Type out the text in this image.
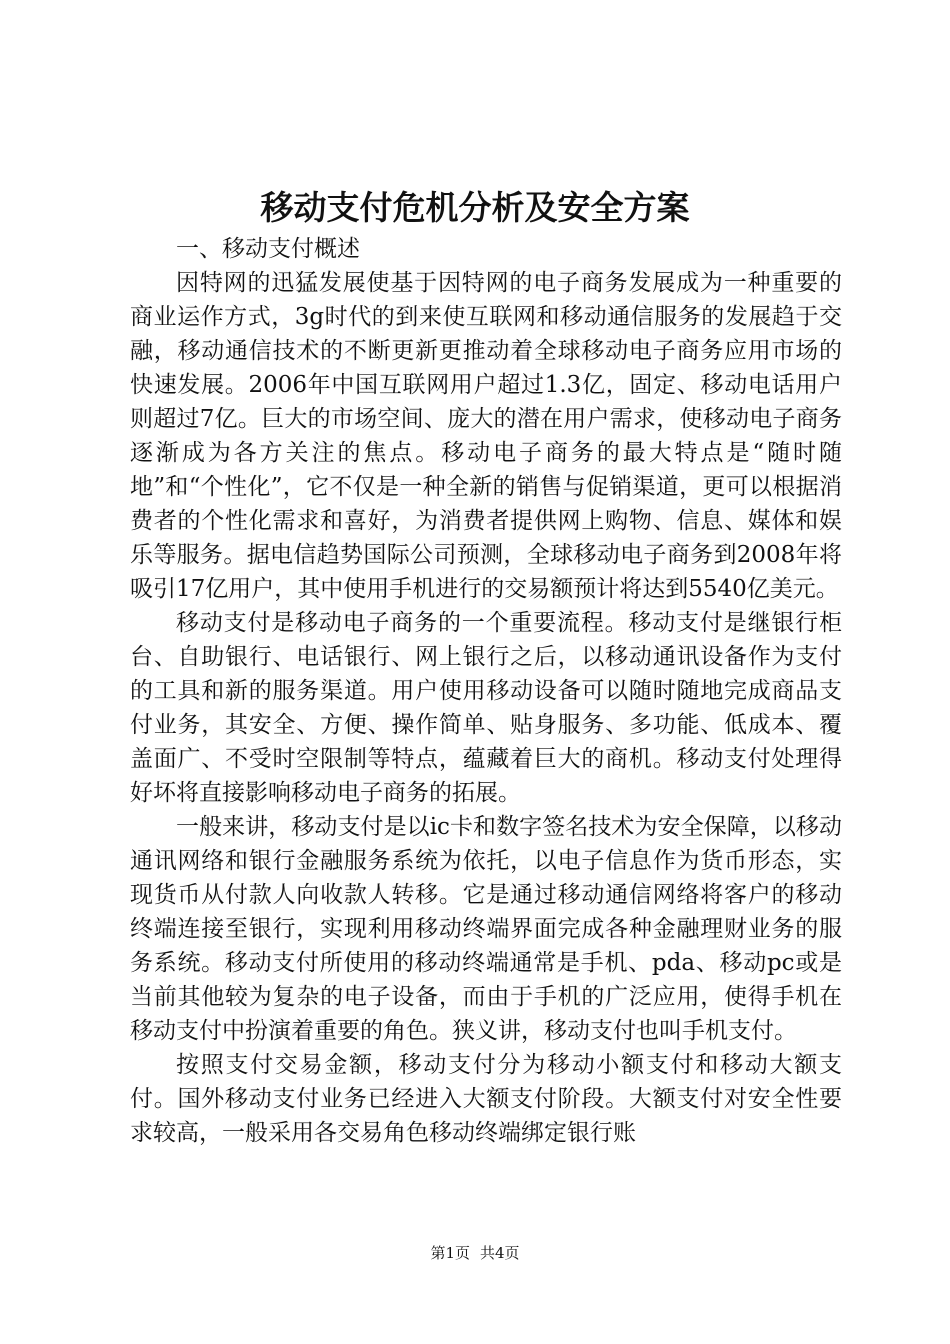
移动支付危机分析及安全方案

一、移动支付概述

因特网的迅猛发展使基于因特网的电子商务发展成为一种重要的商业运作方式，3g时代的到来使互联网和移动通信服务的发展趋于交融，移动通信技术的不断更新更推动着全球移动电子商务应用市场的快速发展。2006年中国互联网用户超过1.3亿，固定、移动电话用户则超过7亿。巨大的市场空间、庞大的潜在用户需求，使移动电子商务逐渐成为各方关注的焦点。移动电子商务的最大特点是“随时随地”和“个性化”，它不仅是一种全新的销售与促销渠道，更可以根据消费者的个性化需求和喜好，为消费者提供网上购物、信息、媒体和娱乐等服务。据电信趋势国际公司预测，全球移动电子商务到2008年将吸引17亿用户，其中使用手机进行的交易额预计将达到5540亿美元。

移动支付是移动电子商务的一个重要流程。移动支付是继银行柜台、自助银行、电话银行、网上银行之后，以移动通讯设备作为支付的工具和新的服务渠道。用户使用移动设备可以随时随地完成商品支付业务，其安全、方便、操作简单、贴身服务、多功能、低成本、覆盖面广、不受时空限制等特点，蕴藏着巨大的商机。移动支付处理得好坏将直接影响移动电子商务的拓展。

一般来讲，移动支付是以ic卡和数字签名技术为安全保障，以移动通讯网络和银行金融服务系统为依托，以电子信息作为货币形态，实现货币从付款人向收款人转移。它是通过移动通信网络将客户的移动终端连接至银行，实现利用移动终端界面完成各种金融理财业务的服务系统。移动支付所使用的移动终端通常是手机、pda、移动pc或是当前其他较为复杂的电子设备，而由于手机的广泛应用，使得手机在移动支付中扮演着重要的角色。狭义讲，移动支付也叫手机支付。

按照支付交易金额，移动支付分为移动小额支付和移动大额支付。国外移动支付业务已经进入大额支付阶段。大额支付对安全性要求较高，一般采用各交易角色移动终端绑定银行账

第1页 共4页
